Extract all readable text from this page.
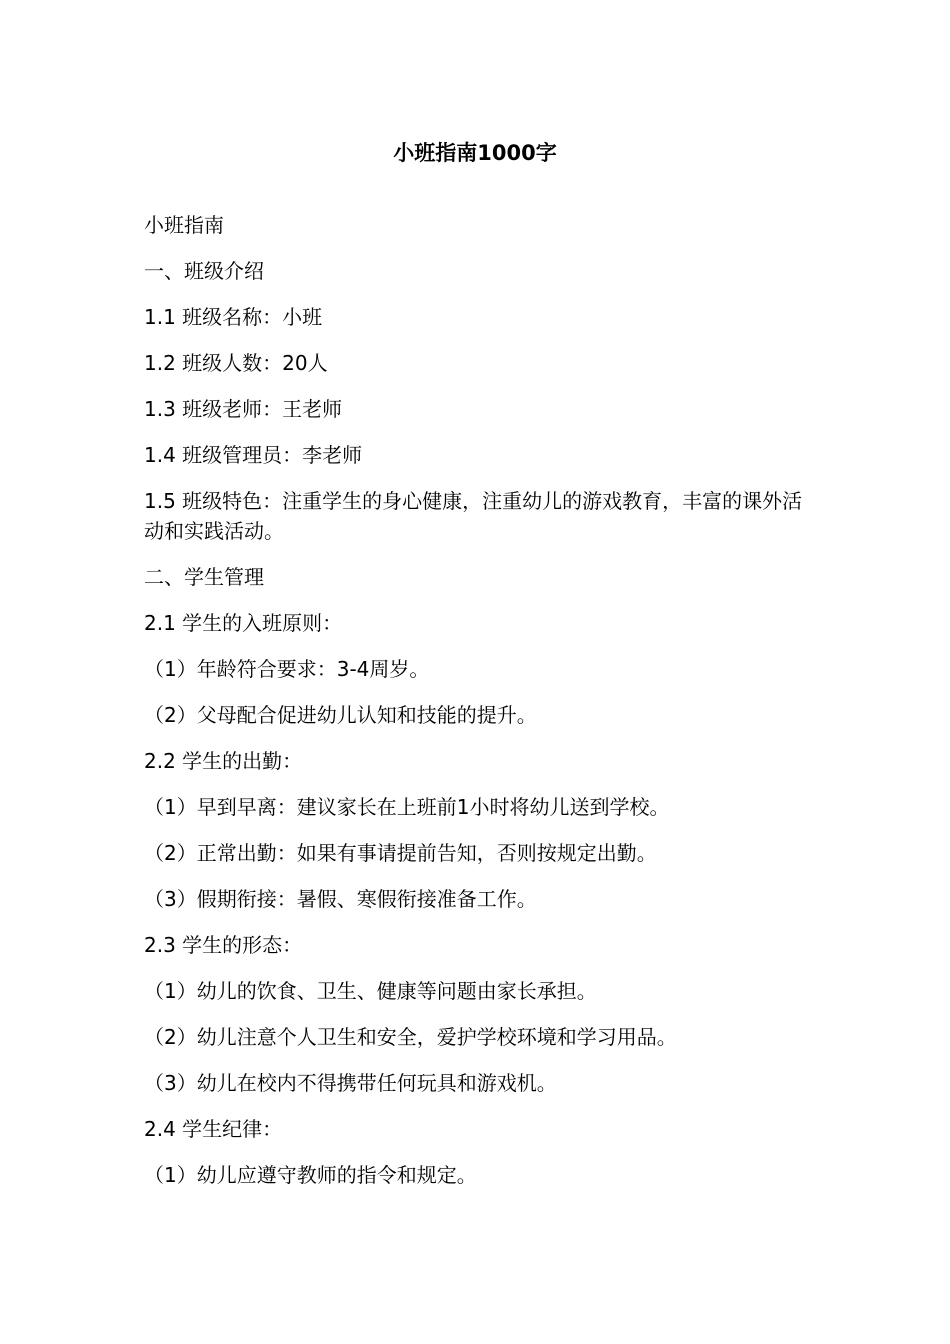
小班指南1000字

小班指南

一、班级介绍

1.1 班级名称：小班

1.2 班级人数：20人

1.3 班级老师：王老师

1.4 班级管理员：李老师

1.5 班级特色：注重学生的身心健康，注重幼儿的游戏教育，丰富的课外活动和实践活动。

二、学生管理

2.1 学生的入班原则：

（1）年龄符合要求：3-4周岁。

（2）父母配合促进幼儿认知和技能的提升。

2.2 学生的出勤：

（1）早到早离：建议家长在上班前1小时将幼儿送到学校。

（2）正常出勤：如果有事请提前告知，否则按规定出勤。

（3）假期衔接：暑假、寒假衔接准备工作。

2.3 学生的形态：

（1）幼儿的饮食、卫生、健康等问题由家长承担。

（2）幼儿注意个人卫生和安全，爱护学校环境和学习用品。

（3）幼儿在校内不得携带任何玩具和游戏机。

2.4 学生纪律：

（1）幼儿应遵守教师的指令和规定。
